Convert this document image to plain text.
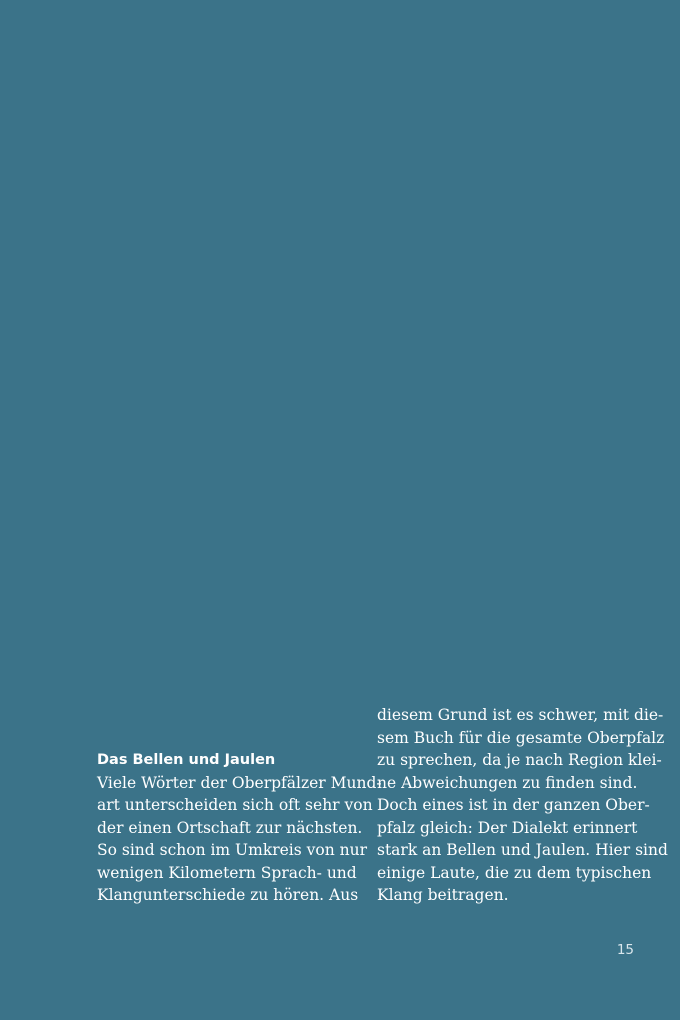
Das Bellen und Jaulen
Viele Wörter der Oberpfälzer Mund-
art unterscheiden sich oft sehr von
der einen Ortschaft zur nächsten.
So sind schon im Umkreis von nur
wenigen Kilometern Sprach- und
Klangunterschiede zu hören. Aus
diesem Grund ist es schwer, mit die-
sem Buch für die gesamte Oberpfalz
zu sprechen, da je nach Region klei-
ne Abweichungen zu finden sind.
Doch eines ist in der ganzen Ober-
pfalz gleich: Der Dialekt erinnert
stark an Bellen und Jaulen. Hier sind
einige Laute, die zu dem typischen
Klang beitragen.
15
